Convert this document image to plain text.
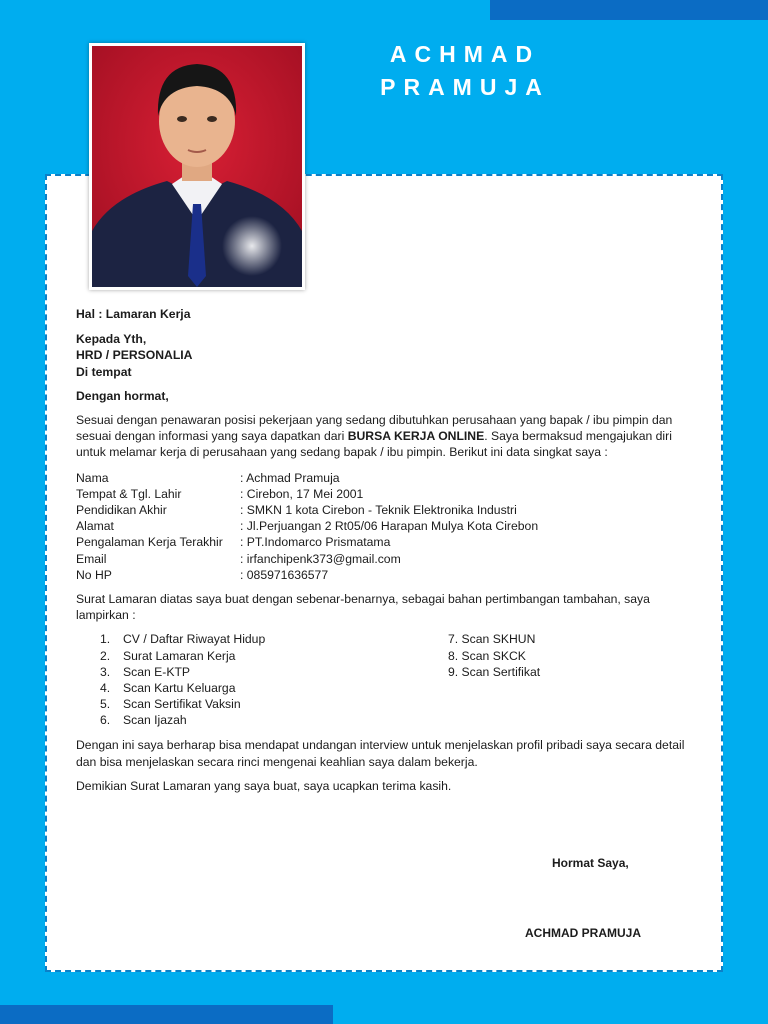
ACHMAD
PRAMUJA

Hal : Lamaran Kerja

Kepada Yth,

HRD / PERSONALIA

Di tempat

Dengan hormat,

Sesuai dengan penawaran posisi pekerjaan yang sedang dibutuhkan perusahaan yang bapak / ibu pimpin dan sesuai dengan informasi yang saya dapatkan dari BURSA KERJA ONLINE. Saya bermaksud mengajukan diri untuk melamar kerja di perusahaan yang sedang bapak / ibu pimpin. Berikut ini data singkat saya :

Nama	: Achmad Pramuja
Tempat & Tgl. Lahir	: Cirebon, 17 Mei 2001
Pendidikan Akhir	: SMKN 1 kota Cirebon - Teknik Elektronika Industri
Alamat	: Jl.Perjuangan 2 Rt05/06 Harapan Mulya Kota Cirebon
Pengalaman Kerja Terakhir	: PT.Indomarco Prismatama
Email	: irfanchipenk373@gmail.com
No HP	: 085971636577

Surat Lamaran diatas saya buat dengan sebenar-benarnya, sebagai bahan pertimbangan tambahan, saya lampirkan :

1.	CV / Daftar Riwayat Hidup
2.	Surat Lamaran Kerja
3.	Scan E-KTP
4.	Scan Kartu Keluarga
5.	Scan Sertifikat Vaksin
6.	Scan Ijazah
7. Scan SKHUN
8. Scan SKCK
9. Scan Sertifikat

Dengan ini saya berharap bisa mendapat undangan interview untuk menjelaskan profil pribadi saya secara detail dan bisa menjelaskan secara rinci mengenai keahlian saya dalam bekerja.

Demikian Surat Lamaran yang saya buat, saya ucapkan terima kasih.

Hormat Saya,
ACHMAD PRAMUJA
